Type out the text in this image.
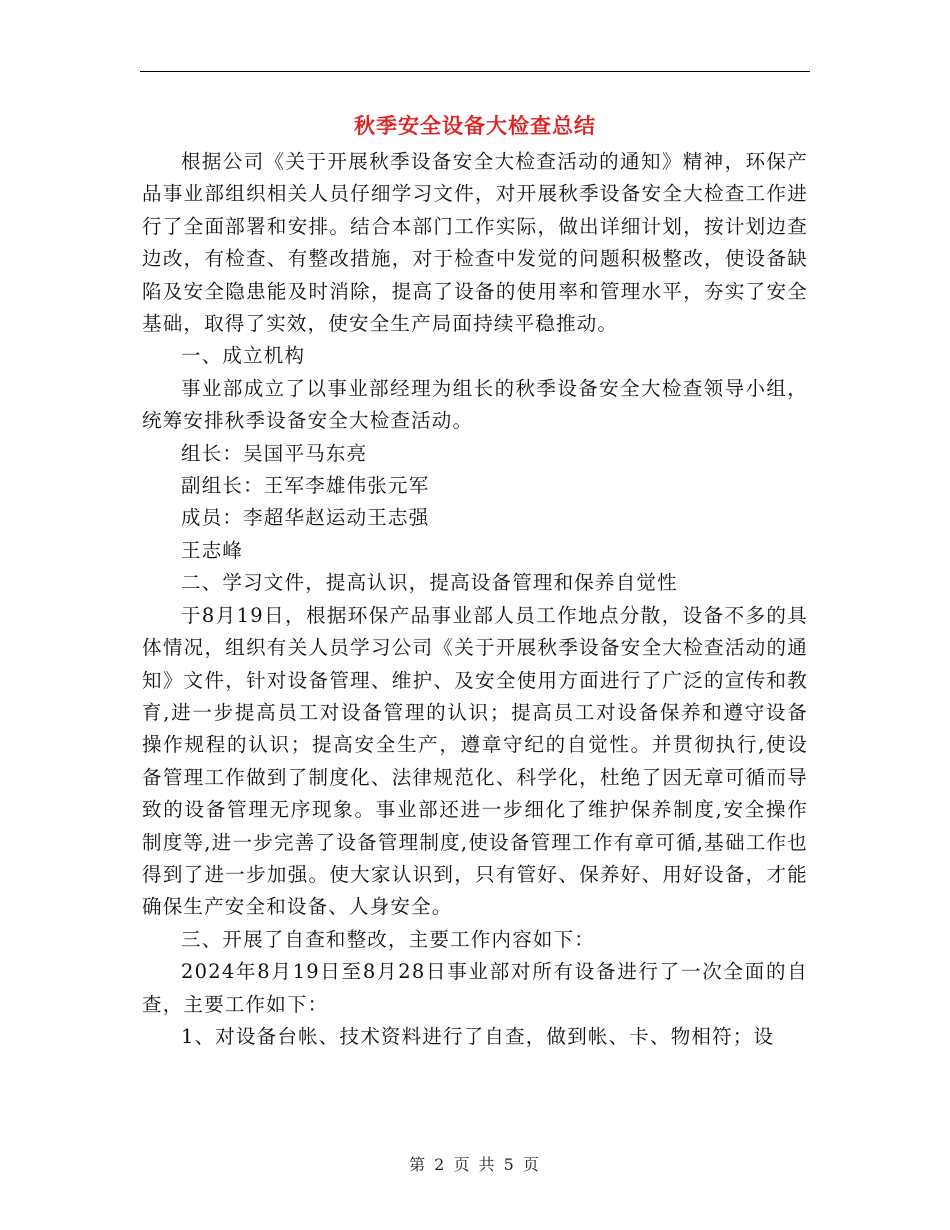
秋季安全设备大检查总结

根据公司《关于开展秋季设备安全大检查活动的通知》精神，环保产品事业部组织相关人员仔细学习文件，对开展秋季设备安全大检查工作进行了全面部署和安排。结合本部门工作实际，做出详细计划，按计划边查边改，有检查、有整改措施，对于检查中发觉的问题积极整改，使设备缺陷及安全隐患能及时消除，提高了设备的使用率和管理水平，夯实了安全基础，取得了实效，使安全生产局面持续平稳推动。

一、成立机构

事业部成立了以事业部经理为组长的秋季设备安全大检查领导小组，统筹安排秋季设备安全大检查活动。

组长：吴国平马东亮

副组长：王军李雄伟张元军

成员：李超华赵运动王志强

王志峰

二、学习文件，提高认识，提高设备管理和保养自觉性

于8月19日，根据环保产品事业部人员工作地点分散，设备不多的具体情况，组织有关人员学习公司《关于开展秋季设备安全大检查活动的通知》文件，针对设备管理、维护、及安全使用方面进行了广泛的宣传和教育,进一步提高员工对设备管理的认识；提高员工对设备保养和遵守设备操作规程的认识；提高安全生产，遵章守纪的自觉性。并贯彻执行,使设备管理工作做到了制度化、法律规范化、科学化，杜绝了因无章可循而导致的设备管理无序现象。事业部还进一步细化了维护保养制度,安全操作制度等,进一步完善了设备管理制度,使设备管理工作有章可循,基础工作也得到了进一步加强。使大家认识到，只有管好、保养好、用好设备，才能确保生产安全和设备、人身安全。

三、开展了自查和整改，主要工作内容如下：

2024年8月19日至8月28日事业部对所有设备进行了一次全面的自查，主要工作如下：

1、对设备台帐、技术资料进行了自查，做到帐、卡、物相符；设

第 2 页 共 5 页
